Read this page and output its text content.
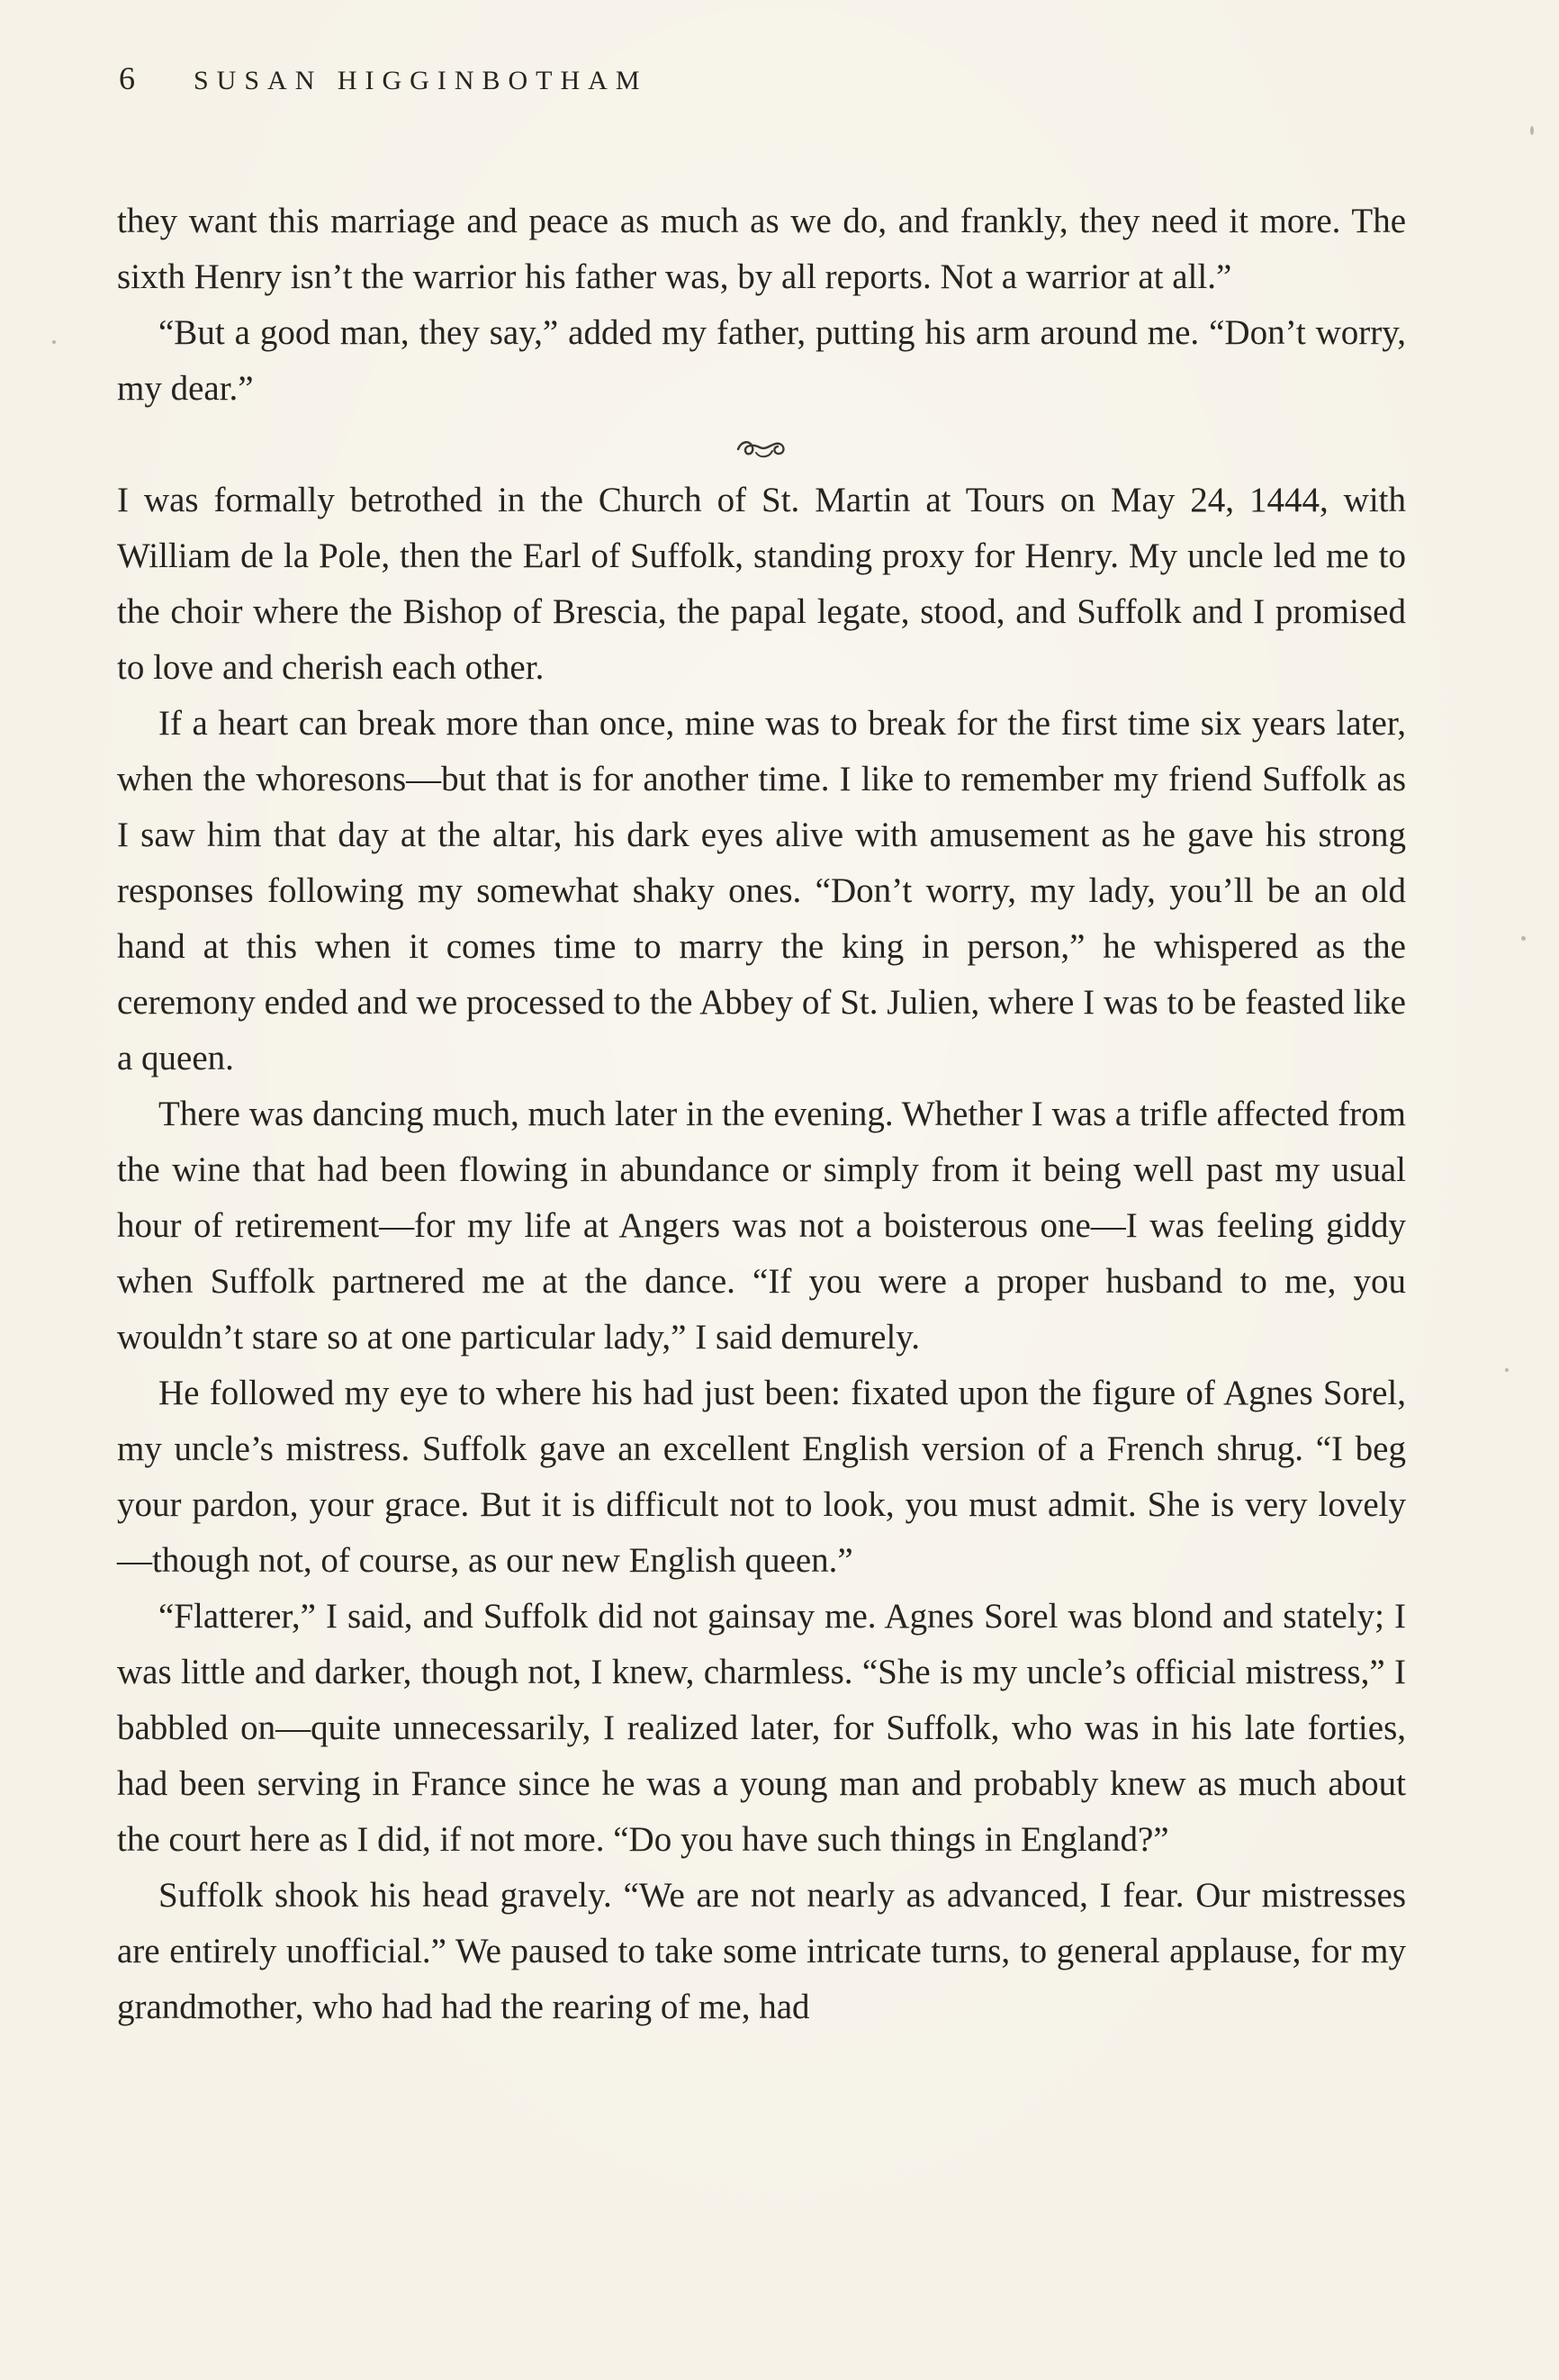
6 SUSAN HIGGINBOTHAM

they want this marriage and peace as much as we do, and frankly, they need it more. The sixth Henry isn’t the warrior his father was, by all reports. Not a warrior at all.”

“But a good man, they say,” added my father, putting his arm around me. “Don’t worry, my dear.”

I was formally betrothed in the Church of St. Martin at Tours on May 24, 1444, with William de la Pole, then the Earl of Suffolk, standing proxy for Henry. My uncle led me to the choir where the Bishop of Brescia, the papal legate, stood, and Suffolk and I promised to love and cherish each other.

If a heart can break more than once, mine was to break for the first time six years later, when the whoresons—but that is for another time. I like to remember my friend Suffolk as I saw him that day at the altar, his dark eyes alive with amusement as he gave his strong responses following my somewhat shaky ones. “Don’t worry, my lady, you’ll be an old hand at this when it comes time to marry the king in person,” he whispered as the ceremony ended and we processed to the Abbey of St. Julien, where I was to be feasted like a queen.

There was dancing much, much later in the evening. Whether I was a trifle affected from the wine that had been flowing in abundance or simply from it being well past my usual hour of retirement—for my life at Angers was not a boisterous one—I was feeling giddy when Suffolk partnered me at the dance. “If you were a proper husband to me, you wouldn’t stare so at one particular lady,” I said demurely.

He followed my eye to where his had just been: fixated upon the figure of Agnes Sorel, my uncle’s mistress. Suffolk gave an excellent English version of a French shrug. “I beg your pardon, your grace. But it is difficult not to look, you must admit. She is very lovely—though not, of course, as our new English queen.”

“Flatterer,” I said, and Suffolk did not gainsay me. Agnes Sorel was blond and stately; I was little and darker, though not, I knew, charmless. “She is my uncle’s official mistress,” I babbled on—quite unnecessarily, I realized later, for Suffolk, who was in his late forties, had been serving in France since he was a young man and probably knew as much about the court here as I did, if not more. “Do you have such things in England?”

Suffolk shook his head gravely. “We are not nearly as advanced, I fear. Our mistresses are entirely unofficial.” We paused to take some intricate turns, to general applause, for my grandmother, who had had the rearing of me, had
